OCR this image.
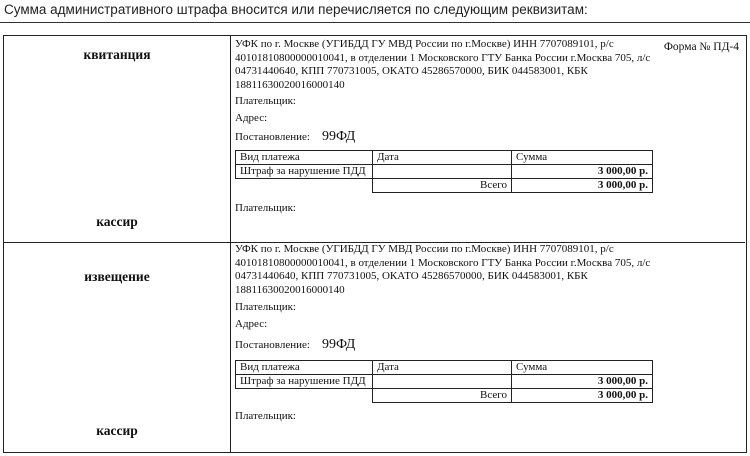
Сумма административного штрафа вносится или перечисляется по следующим реквизитам:
квитанция
кассир
Форма № ПД-4
УФК по г. Москве (УГИБДД ГУ МВД России по г.Москве) ИНН 7707089101, р/с 40101810800000010041, в отделении 1 Московского ГТУ Банка России г.Москва 705, л/с 04731440640, КПП 770731005, ОКАТО 45286570000, БИК 044583001, КБК 18811630020016000140
Плательщик:
Адрес:
Постановление: 99ФД
Вид платежа	Дата	Сумма
Штраф за нарушение ПДД		3 000,00 р.
	Всего	3 000,00 р.
Плательщик:
извещение
кассир
УФК по г. Москве (УГИБДД ГУ МВД России по г.Москве) ИНН 7707089101, р/с 40101810800000010041, в отделении 1 Московского ГТУ Банка России г.Москва 705, л/с 04731440640, КПП 770731005, ОКАТО 45286570000, БИК 044583001, КБК 18811630020016000140
Плательщик:
Адрес:
Постановление: 99ФД
Вид платежа	Дата	Сумма
Штраф за нарушение ПДД		3 000,00 р.
	Всего	3 000,00 р.
Плательщик:
